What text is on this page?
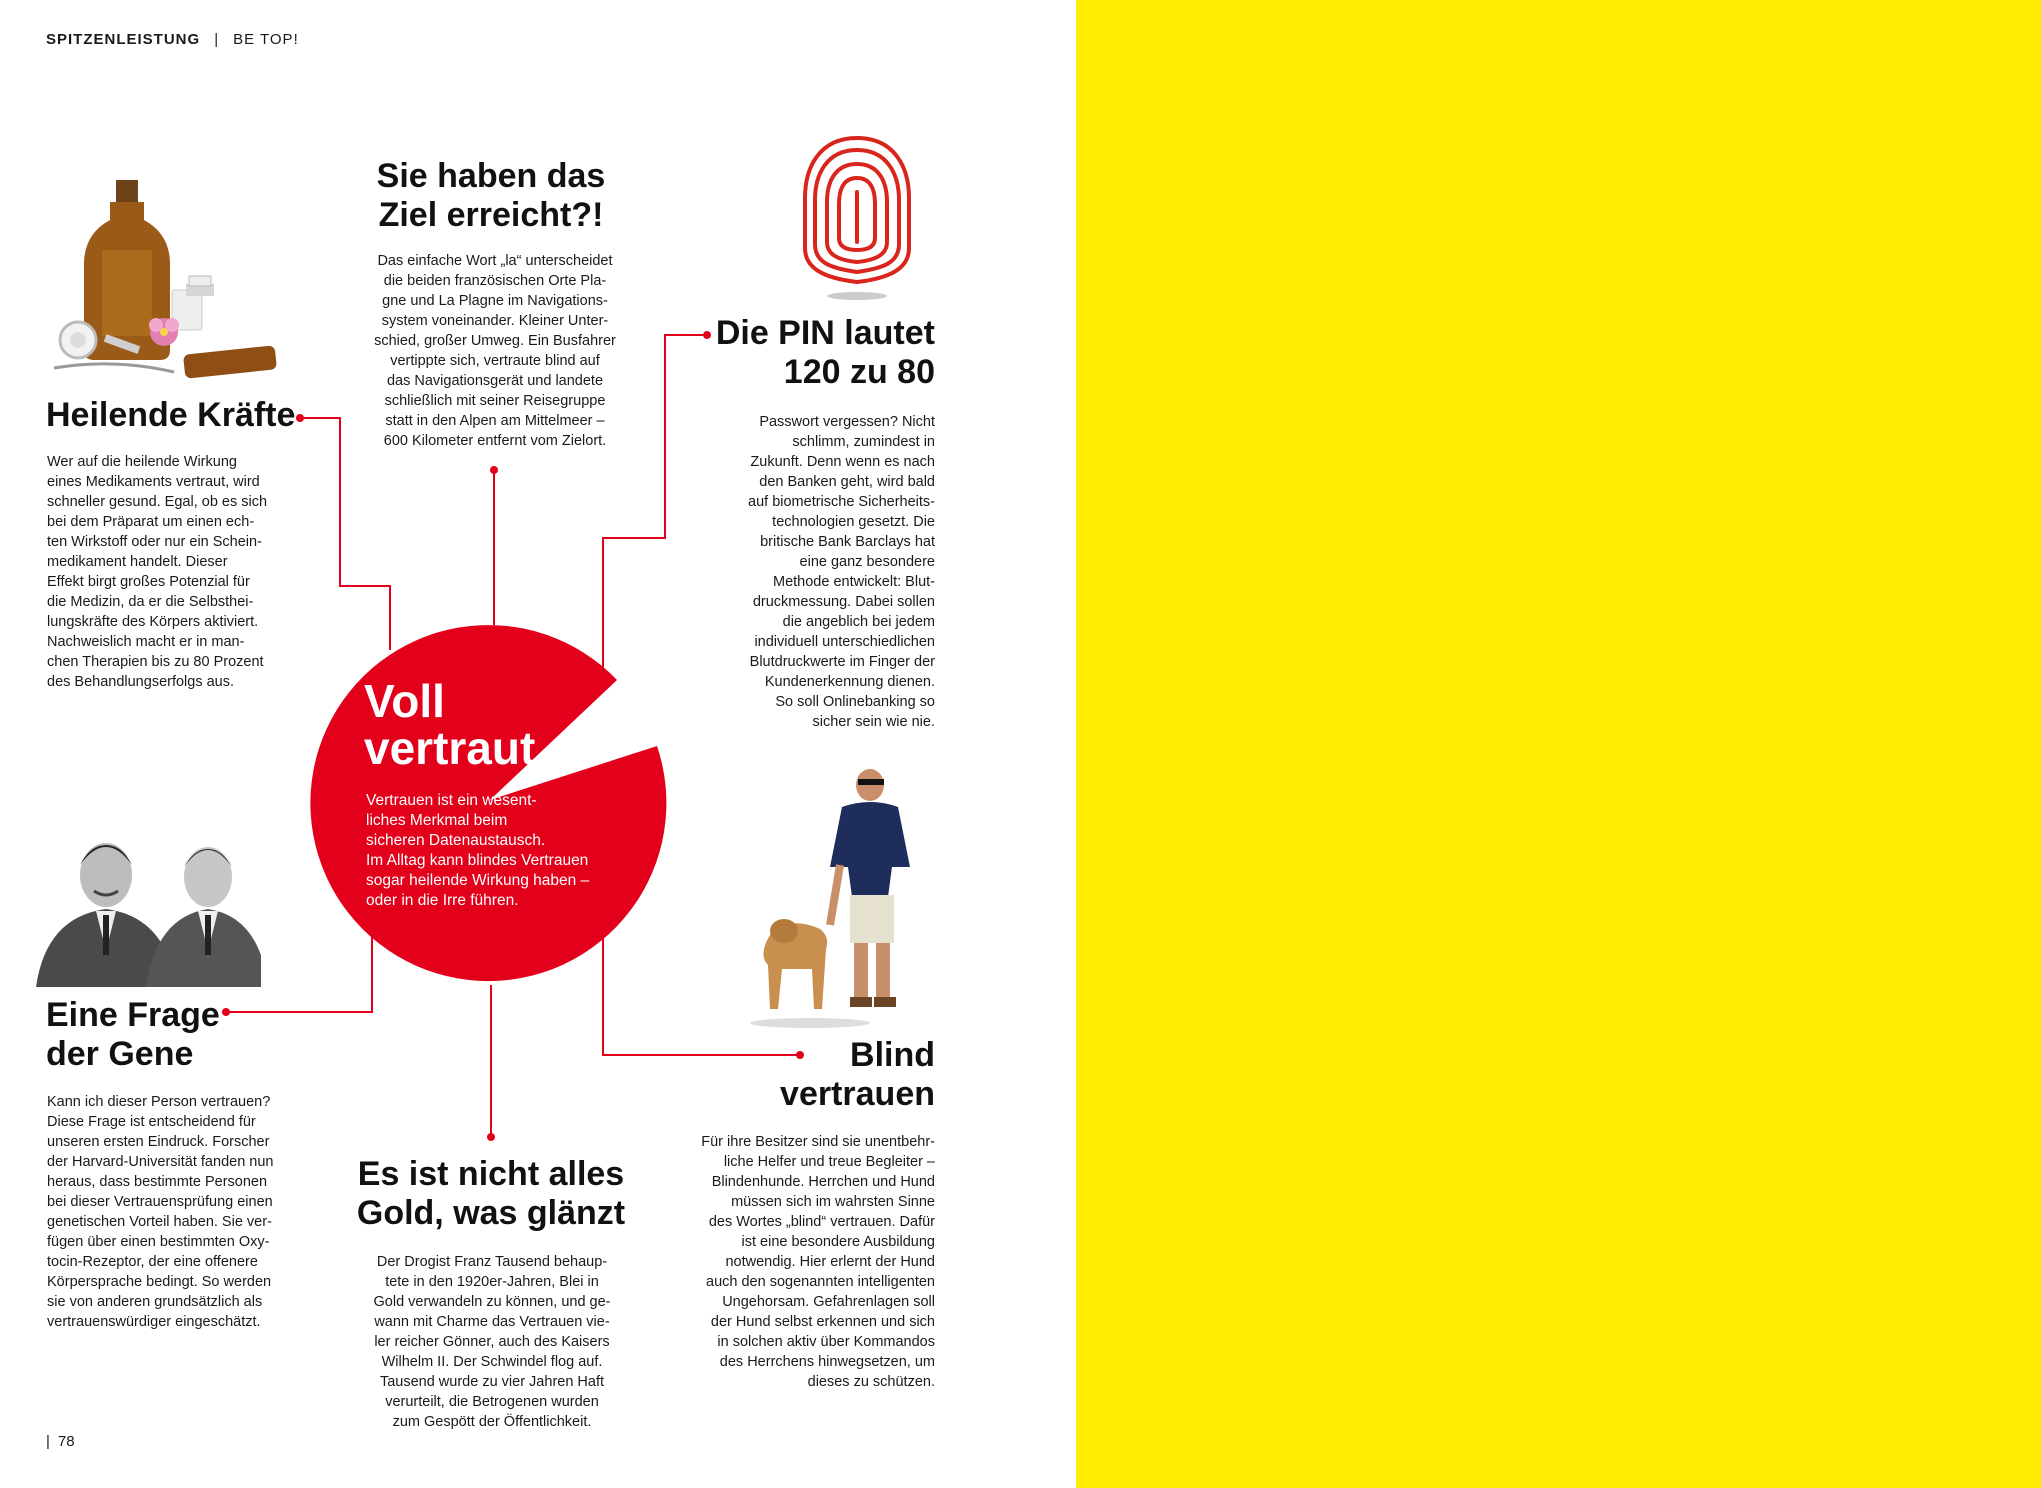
SPITZENLEISTUNG | BE TOP!
Voll
vertraut

Vertrauen ist ein wesent-
liches Merkmal beim
sicheren Datenaustausch.
Im Alltag kann blindes Vertrauen
sogar heilende Wirkung haben –
oder in die Irre führen.

Heilende Kräfte

Wer auf die heilende Wirkung
eines Medikaments vertraut, wird
schneller gesund. Egal, ob es sich
bei dem Präparat um einen ech-
ten Wirkstoff oder nur ein Schein-
medikament handelt. Dieser
Effekt birgt großes Potenzial für
die Medizin, da er die Selbsthei-
lungskräfte des Körpers aktiviert.
Nachweislich macht er in man-
chen Therapien bis zu 80 Prozent
des Behandlungserfolgs aus.

Sie haben das
Ziel erreicht?!

Das einfache Wort „la“ unterscheidet
die beiden französischen Orte Pla-
gne und La Plagne im Navigations-
system voneinander. Kleiner Unter-
schied, großer Umweg. Ein Busfahrer
vertippte sich, vertraute blind auf
das Navigationsgerät und landete
schließlich mit seiner Reisegruppe
statt in den Alpen am Mittelmeer –
600 Kilometer entfernt vom Zielort.

Die PIN lautet
120 zu 80

Passwort vergessen? Nicht
schlimm, zumindest in
Zukunft. Denn wenn es nach
den Banken geht, wird bald
auf biometrische Sicherheits-
technologien gesetzt. Die
britische Bank Barclays hat
eine ganz besondere
Methode entwickelt: Blut-
druckmessung. Dabei sollen
die angeblich bei jedem
individuell unterschiedlichen
Blutdruckwerte im Finger der
Kundenerkennung dienen.
So soll Onlinebanking so
sicher sein wie nie.

Eine Frage
der Gene

Kann ich dieser Person vertrauen?
Diese Frage ist entscheidend für
unseren ersten Eindruck. Forscher
der Harvard-Universität fanden nun
heraus, dass bestimmte Personen
bei dieser Vertrauensprüfung einen
genetischen Vorteil haben. Sie ver-
fügen über einen bestimmten Oxy-
tocin-Rezeptor, der eine offenere
Körpersprache bedingt. So werden
sie von anderen grundsätzlich als
vertrauenswürdiger eingeschätzt.

Es ist nicht alles
Gold, was glänzt

Der Drogist Franz Tausend behaup-
tete in den 1920er-Jahren, Blei in
Gold verwandeln zu können, und ge-
wann mit Charme das Vertrauen vie-
ler reicher Gönner, auch des Kaisers
Wilhelm II. Der Schwindel flog auf.
Tausend wurde zu vier Jahren Haft
verurteilt, die Betrogenen wurden
zum Gespött der Öffentlichkeit.

Blind
vertrauen

Für ihre Besitzer sind sie unentbehr-
liche Helfer und treue Begleiter –
Blindenhunde. Herrchen und Hund
müssen sich im wahrsten Sinne
des Wortes „blind“ vertrauen. Dafür
ist eine besondere Ausbildung
notwendig. Hier erlernt der Hund
auch den sogenannten intelligenten
Ungehorsam. Gefahrenlagen soll
der Hund selbst erkennen und sich
in solchen aktiv über Kommandos
des Herrchens hinwegsetzen, um
dieses zu schützen.

| 78
